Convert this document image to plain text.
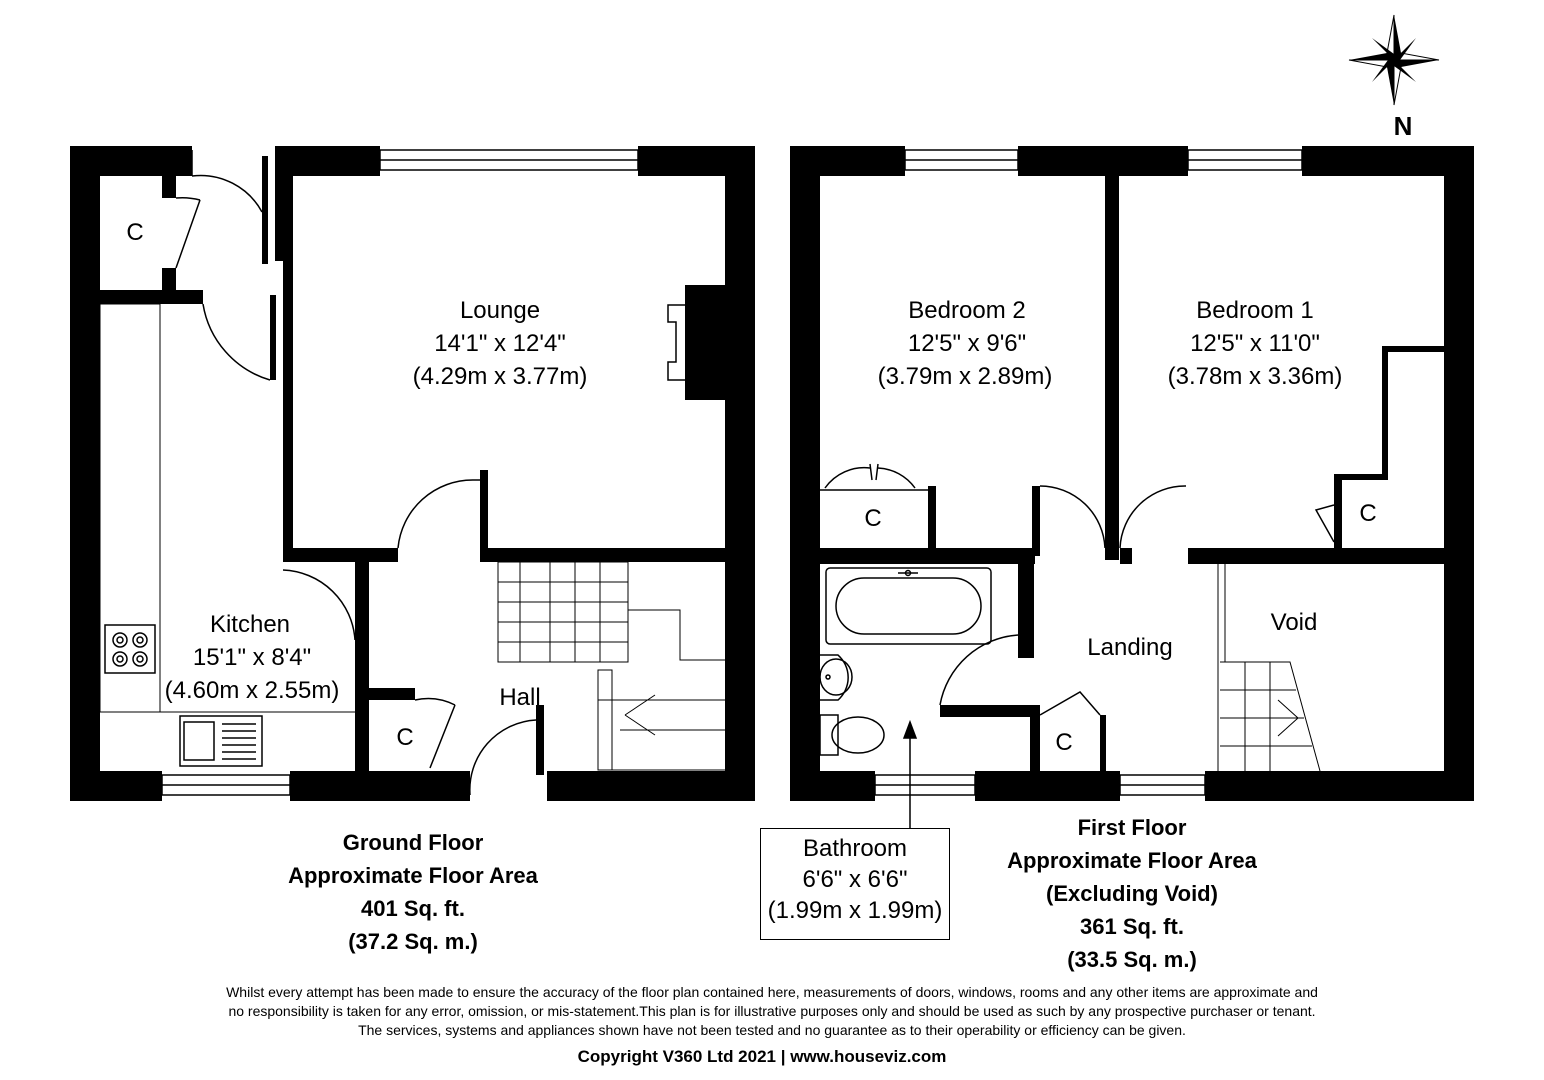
N
Lounge
14'1" x 12'4"
(4.29m x 3.77m)
Kitchen
15'1" x 8'4"
(4.60m x 2.55m)	Hall
C
C
Bedroom 2
12'5" x 9'6"
(3.79m x 2.89m)
Bedroom 1
12'5" x 11'0"
(3.78m x 3.36m)
C	C
C
Landing
Void
Bathroom
6'6" x 6'6"
(1.99m x 1.99m)
Ground Floor
Approximate Floor Area
401 Sq. ft.
(37.2 Sq. m.)
First Floor
Approximate Floor Area
(Excluding Void)
361 Sq. ft.
(33.5 Sq. m.)
Whilst every attempt has been made to ensure the accuracy of the floor plan contained here, measurements of doors, windows, rooms and any other items are approximate and
no responsibility is taken for any error, omission, or mis-statement.This plan is for illustrative purposes only and should be used as such by any prospective purchaser or tenant.
The services, systems and appliances shown have not been tested and no guarantee as to their operability or efficiency can be given.
Copyright V360 Ltd 2021 | www.houseviz.com
